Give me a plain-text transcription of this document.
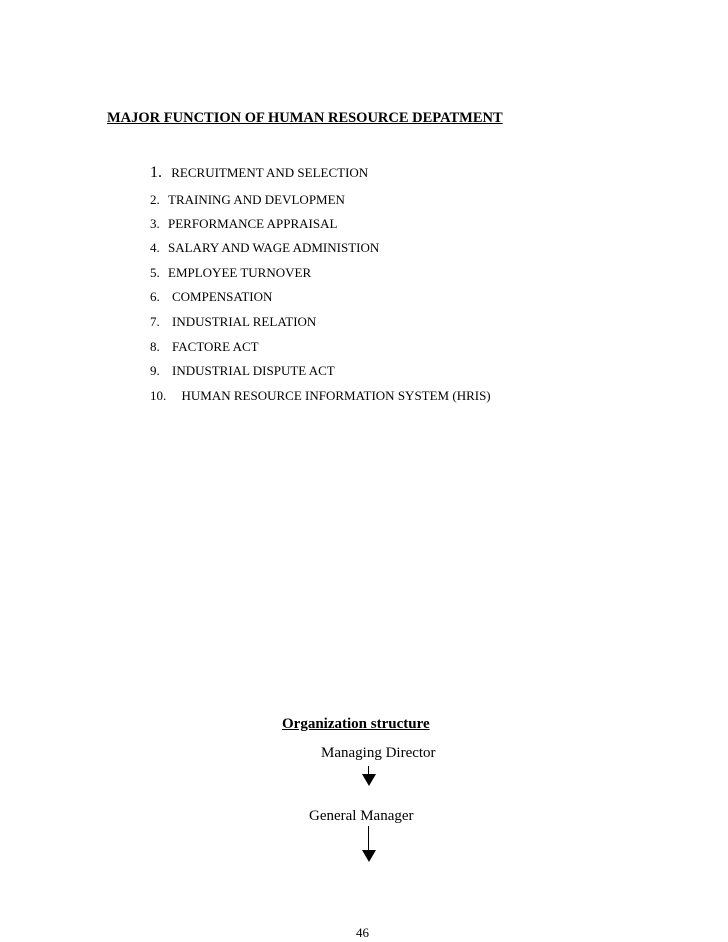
MAJOR FUNCTION OF HUMAN RESOURCE DEPATMENT
1. RECRUITMENT AND SELECTION
2. TRAINING AND DEVLOPMEN
3. PERFORMANCE APPRAISAL
4. SALARY AND WAGE ADMINISTION
5. EMPLOYEE TURNOVER
6. COMPENSATION
7. INDUSTRIAL RELATION
8. FACTORE ACT
9. INDUSTRIAL DISPUTE ACT
10. HUMAN RESOURCE INFORMATION SYSTEM (HRIS)
Organization structure
Managing Director
General Manager
46
